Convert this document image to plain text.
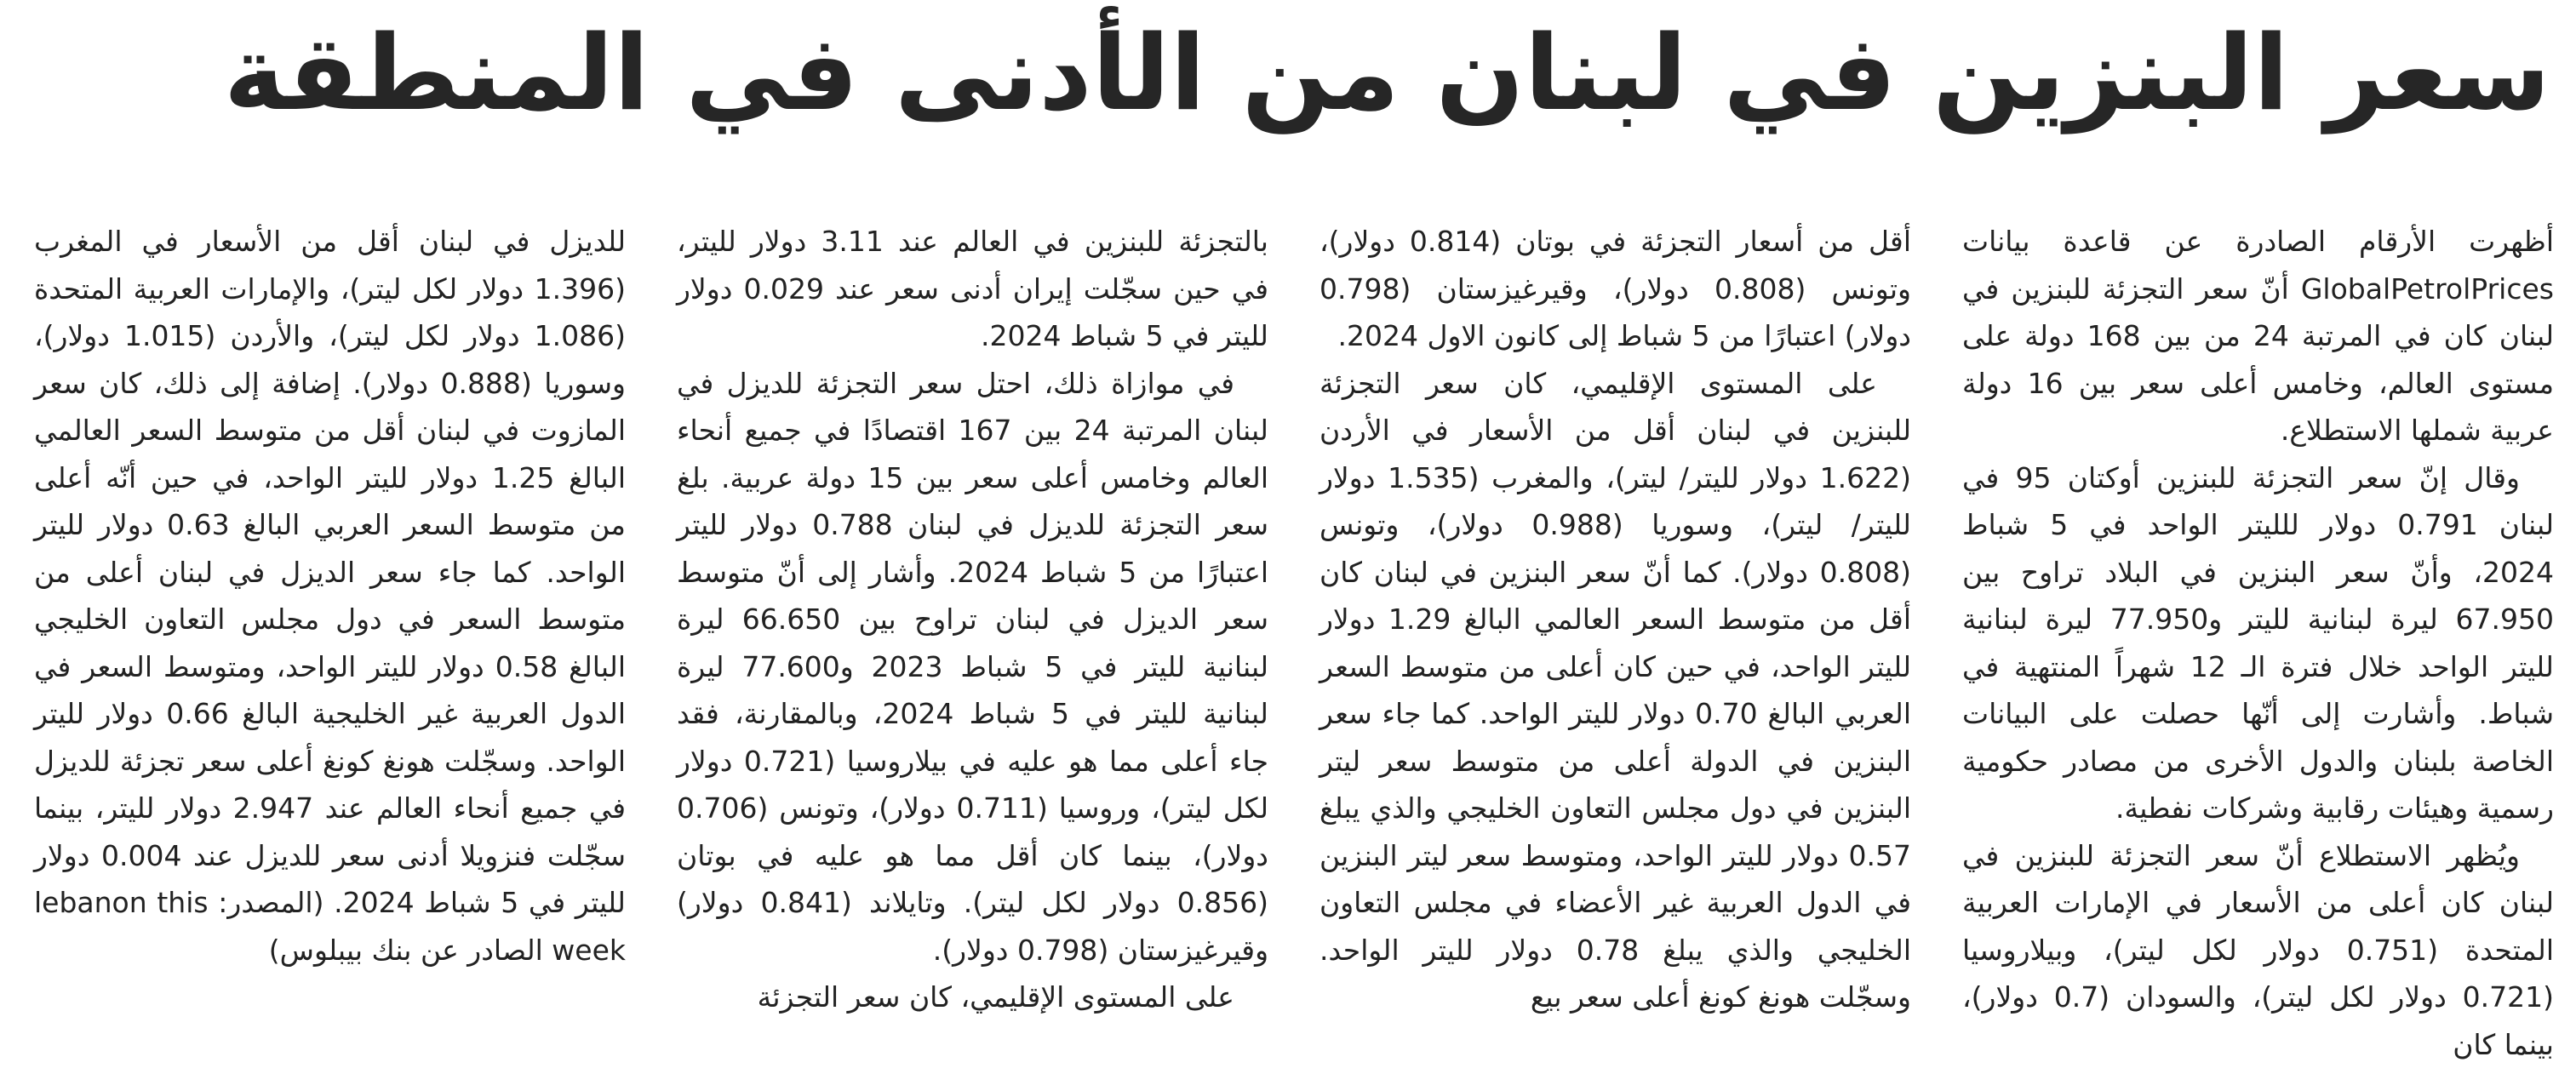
سعر البنزين في لبنان من الأدنى في المنطقة

أظهرت الأرقام الصادرة عن قاعدة بيانات GlobalPetrolPrices أنّ سعر التجزئة للبنزين في لبنان كان في المرتبة 24 من بين 168 دولة على مستوى العالم، وخامس أعلى سعر بين 16 دولة عربية شملها الاستطلاع.

وقال إنّ سعر التجزئة للبنزين أوكتان 95 في لبنان 0.791 دولار للليتر الواحد في 5 شباط 2024، وأنّ سعر البنزين في البلاد تراوح بين 67.950 ليرة لبنانية لليتر و77.950 ليرة لبنانية لليتر الواحد خلال فترة الـ 12 شهراً المنتهية في شباط. وأشارت إلى أنّها حصلت على البيانات الخاصة بلبنان والدول الأخرى من مصادر حكومية رسمية وهيئات رقابية وشركات نفطية.

ويُظهر الاستطلاع أنّ سعر التجزئة للبنزين في لبنان كان أعلى من الأسعار في الإمارات العربية المتحدة (0.751 دولار لكل ليتر)، وبيلاروسيا (0.721 دولار لكل ليتر)، والسودان (0.7 دولار)، بينما كان

أقل من أسعار التجزئة في بوتان (0.814 دولار)، وتونس (0.808 دولار)، وقيرغيزستان (0.798 دولار) اعتبارًا من 5 شباط إلى كانون الاول 2024.

على المستوى الإقليمي، كان سعر التجزئة للبنزين في لبنان أقل من الأسعار في الأردن (1.622 دولار لليتر/ ليتر)، والمغرب (1.535 دولار لليتر/ ليتر)، وسوريا (0.988 دولار)، وتونس (0.808 دولار). كما أنّ سعر البنزين في لبنان كان أقل من متوسط السعر العالمي البالغ 1.29 دولار لليتر الواحد، في حين كان أعلى من متوسط السعر العربي البالغ 0.70 دولار لليتر الواحد. كما جاء سعر البنزين في الدولة أعلى من متوسط سعر ليتر البنزين في دول مجلس التعاون الخليجي والذي يبلغ 0.57 دولار لليتر الواحد، ومتوسط سعر ليتر البنزين في الدول العربية غير الأعضاء في مجلس التعاون الخليجي والذي يبلغ 0.78 دولار لليتر الواحد. وسجّلت هونغ كونغ أعلى سعر بيع

بالتجزئة للبنزين في العالم عند 3.11 دولار لليتر، في حين سجّلت إيران أدنى سعر عند 0.029 دولار لليتر في 5 شباط 2024.

في موازاة ذلك، احتل سعر التجزئة للديزل في لبنان المرتبة 24 بين 167 اقتصادًا في جميع أنحاء العالم وخامس أعلى سعر بين 15 دولة عربية. بلغ سعر التجزئة للديزل في لبنان 0.788 دولار لليتر اعتبارًا من 5 شباط 2024. وأشار إلى أنّ متوسط سعر الديزل في لبنان تراوح بين 66.650 ليرة لبنانية لليتر في 5 شباط 2023 و77.600 ليرة لبنانية لليتر في 5 شباط 2024، وبالمقارنة، فقد جاء أعلى مما هو عليه في بيلاروسيا (0.721 دولار لكل ليتر)، وروسيا (0.711 دولار)، وتونس (0.706 دولار)، بينما كان أقل مما هو عليه في بوتان (0.856 دولار لكل ليتر). وتايلاند (0.841 دولار) وقيرغيزستان (0.798 دولار).

على المستوى الإقليمي، كان سعر التجزئة

للديزل في لبنان أقل من الأسعار في المغرب (1.396 دولار لكل ليتر)، والإمارات العربية المتحدة (1.086 دولار لكل ليتر)، والأردن (1.015 دولار)، وسوريا (0.888 دولار). إضافة إلى ذلك، كان سعر المازوت في لبنان أقل من متوسط السعر العالمي البالغ 1.25 دولار لليتر الواحد، في حين أنّه أعلى من متوسط السعر العربي البالغ 0.63 دولار لليتر الواحد. كما جاء سعر الديزل في لبنان أعلى من متوسط السعر في دول مجلس التعاون الخليجي البالغ 0.58 دولار لليتر الواحد، ومتوسط السعر في الدول العربية غير الخليجية البالغ 0.66 دولار لليتر الواحد. وسجّلت هونغ كونغ أعلى سعر تجزئة للديزل في جميع أنحاء العالم عند 2.947 دولار لليتر، بينما سجّلت فنزويلا أدنى سعر للديزل عند 0.004 دولار لليتر في 5 شباط 2024. (المصدر: lebanon this week الصادر عن بنك بيبلوس)
